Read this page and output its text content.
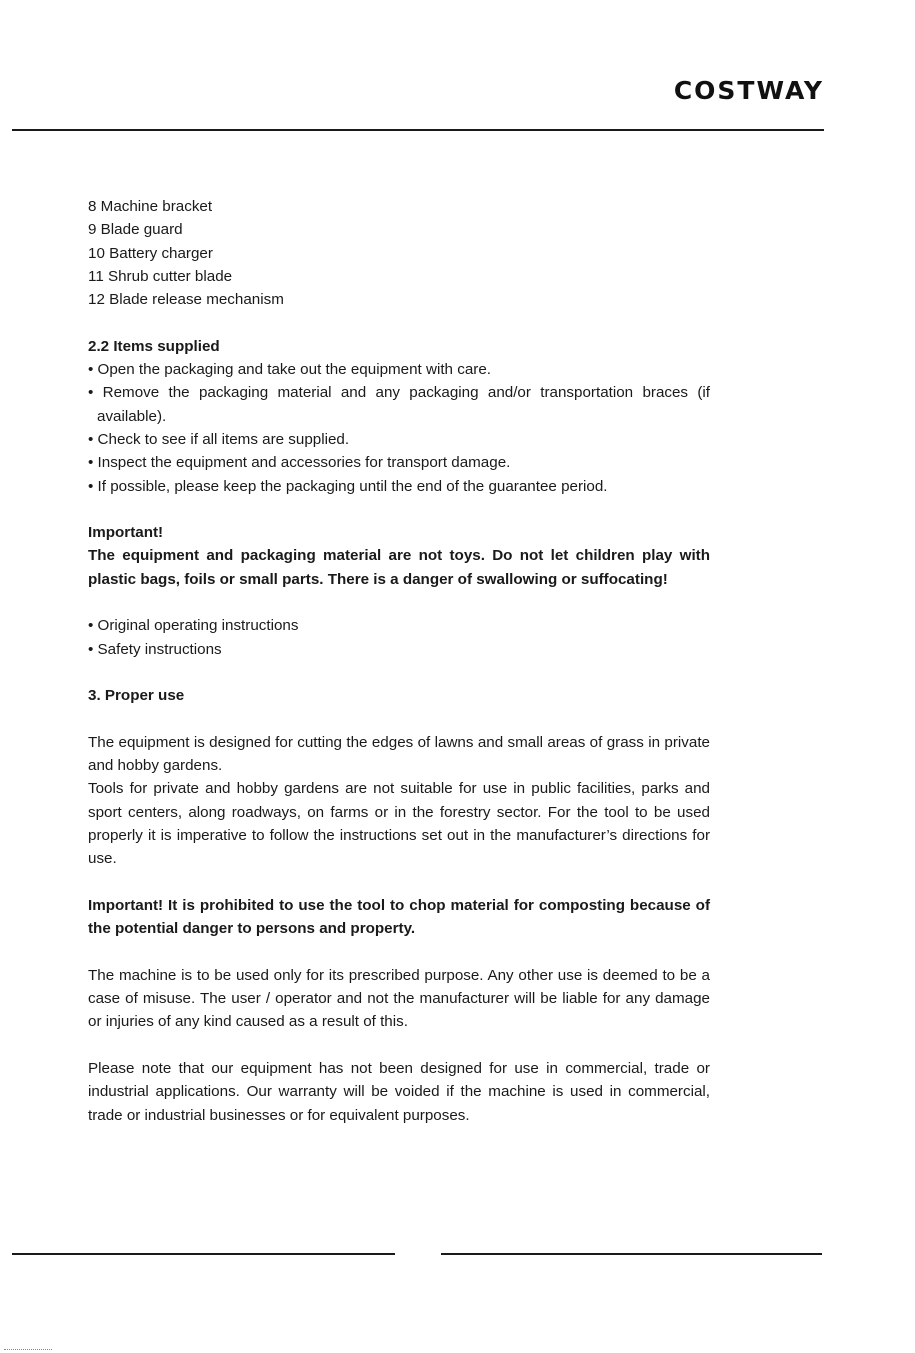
COSTWAY

8 Machine bracket

9 Blade guard

10 Battery charger

11 Shrub cutter blade

12 Blade release mechanism

2.2 Items supplied

• Open the packaging and take out the equipment with care.

• Remove the packaging material and any packaging and/or transportation braces (if available).

• Check to see if all items are supplied.

• Inspect the equipment and accessories for transport damage.

• If possible, please keep the packaging until the end of the guarantee period.

Important!

The equipment and packaging material are not toys. Do not let children play with plastic bags, foils or small parts. There is a danger of swallowing or suffocating!

• Original operating instructions

• Safety instructions

3. Proper use

The equipment is designed for cutting the edges of lawns and small areas of grass in private and hobby gardens.

Tools for private and hobby gardens are not suitable for use in public facilities, parks and sport centers, along roadways, on farms or in the forestry sector. For the tool to be used properly it is imperative to follow the instructions set out in the manufacturer’s directions for use.

Important! It is prohibited to use the tool to chop material for composting because of the potential danger to persons and property.

The machine is to be used only for its prescribed purpose. Any other use is deemed to be a case of misuse. The user / operator and not the manufacturer will be liable for any damage or injuries of any kind caused as a result of this.

Please note that our equipment has not been designed for use in commercial, trade or industrial applications. Our warranty will be voided if the machine is used in commercial, trade or industrial businesses or for equivalent purposes.
